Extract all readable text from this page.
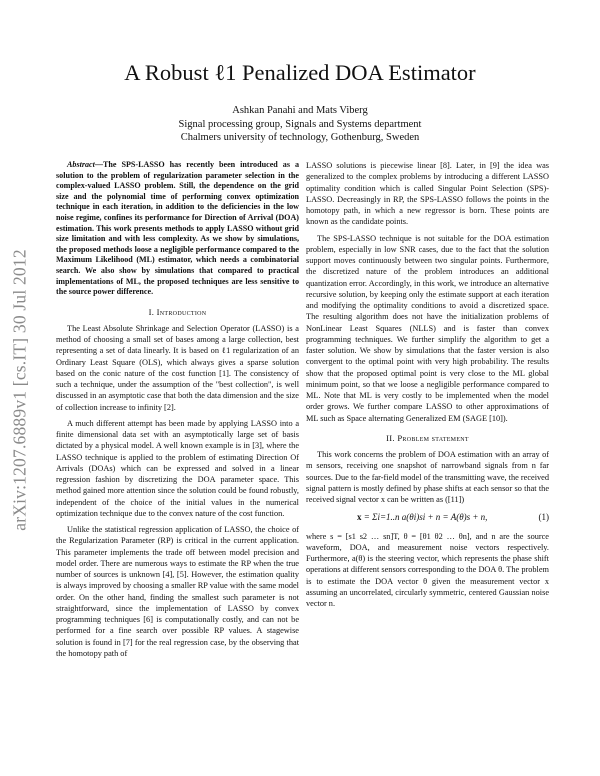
arXiv:1207.6889v1 [cs.IT] 30 Jul 2012
A Robust ℓ1 Penalized DOA Estimator
Ashkan Panahi and Mats Viberg
Signal processing group, Signals and Systems department
Chalmers university of technology, Gothenburg, Sweden

Abstract—The SPS-LASSO has recently been introduced as a solution to the problem of regularization parameter selection in the complex-valued LASSO problem. Still, the dependence on the grid size and the polynomial time of performing convex optimization technique in each iteration, in addition to the deficiencies in the low noise regime, confines its performance for Direction of Arrival (DOA) estimation. This work presents methods to apply LASSO without grid size limitation and with less complexity. As we show by simulations, the proposed methods loose a negligible performance compared to the Maximum Likelihood (ML) estimator, which needs a combinatorial search. We also show by simulations that compared to practical implementations of ML, the proposed techniques are less sensitive to the source power difference.

I. Introduction

The Least Absolute Shrinkage and Selection Operator (LASSO) is a method of choosing a small set of bases among a large collection, best representing a set of data linearly. It is based on ℓ1 regularization of an Ordinary Least Square (OLS), which always gives a sparse solution based on the conic nature of the cost function [1]. The consistency of such a technique, under the assumption of the "best collection", is well discussed in an asymptotic case that both the data dimension and the size of collection increase to infinity [2].

A much different attempt has been made by applying LASSO into a finite dimensional data set with an asymptotically large set of basis dictated by a physical model. A well known example is in [3], where the LASSO technique is applied to the problem of estimating Direction Of Arrivals (DOAs) which can be expressed and solved in a linear regression fashion by discretizing the DOA parameter space. This method gained more attention since the solution could be found robustly, independent of the choice of the initial values in the numerical optimization technique due to the convex nature of the cost function.

Unlike the statistical regression application of LASSO, the choice of the Regularization Parameter (RP) is critical in the current application. This parameter implements the trade off between model precision and model order. There are numerous ways to estimate the RP when the true number of sources is unknown [4], [5]. However, the estimation quality is always improved by choosing a smaller RP value with the same model order. On the other hand, finding the smallest such parameter is not straightforward, since the implementation of LASSO by convex programming techniques [6] is computationally costly, and can not be performed for a fine search over possible RP values. A stagewise solution is found in [7] for the real regression case, by the observing that the homotopy path of

LASSO solutions is piecewise linear [8]. Later, in [9] the idea was generalized to the complex problems by introducing a different LASSO optimality condition which is called Singular Point Selection (SPS)-LASSO. Decreasingly in RP, the SPS-LASSO follows the points in the homotopy path, in which a new regressor is born. These points are known as the candidate points.

The SPS-LASSO technique is not suitable for the DOA estimation problem, especially in low SNR cases, due to the fact that the solution support moves continuously between two singular points. Furthermore, the discretized nature of the problem introduces an additional quantization error. Accordingly, in this work, we introduce an alternative recursive solution, by keeping only the estimate support at each iteration and modifying the optimality conditions to avoid a discretized space. The resulting algorithm does not have the initialization problems of NonLinear Least Squares (NLLS) and is faster than convex programming techniques. We further simplify the algorithm to get a faster solution. We show by simulations that the faster version is also convergent to the optimal point with very high probability. The results show that the proposed optimal point is very close to the ML global minimum point, so that we loose a negligible performance compared to ML. Note that ML is very costly to be implemented when the model order grows. We further compare LASSO to other approximations of ML such as Space alternating Generalized EM (SAGE [10]).

II. Problem statement

This work concerns the problem of DOA estimation with an array of m sensors, receiving one snapshot of narrowband signals from n far sources. Due to the far-field model of the transmitting wave, the received signal pattern is mostly defined by phase shifts at each sensor so that the received signal vector x can be written as ([11])

x = Σi=1..n a(θi)si + n = A(θ)s + n,	(1)

where s = [s1 s2 … sn]T, θ = [θ1 θ2 … θn], and n are the source waveform, DOA, and measurement noise vectors respectively. Furthermore, a(θ) is the steering vector, which represents the phase shift operations at different sensors corresponding to the DOA θ. The problem is to estimate the DOA vector θ given the measurement vector x assuming an uncorrelated, circularly symmetric, centered Gaussian noise vector n.
